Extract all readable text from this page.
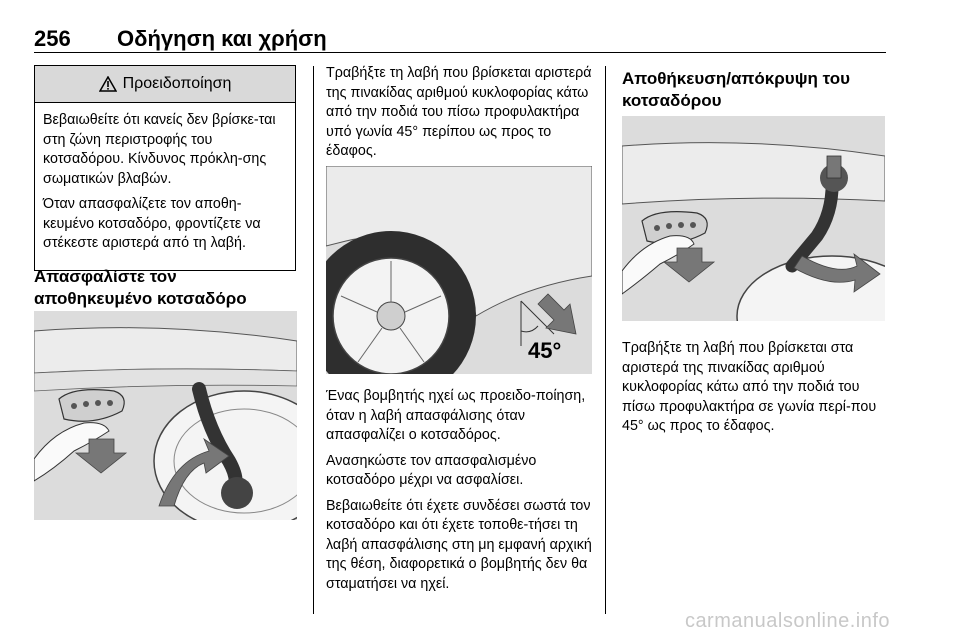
256 Οδήγηση και χρήση
Προειδοποίηση

Βεβαιωθείτε ότι κανείς δεν βρίσκε-ται στη ζώνη περιστροφής του κοτσαδόρου. Κίνδυνος πρόκλη-σης σωματικών βλαβών.

Όταν απασφαλίζετε τον αποθη-κευμένο κοτσαδόρο, φροντίζετε να στέκεστε αριστερά από τη λαβή.

Απασφαλίστε τον αποθηκευμένο κοτσαδόρο

Τραβήξτε τη λαβή που βρίσκεται αριστερά της πινακίδας αριθμού κυκλοφορίας κάτω από την ποδιά του πίσω προφυλακτήρα υπό γωνία 45° περίπου ως προς το έδαφος.

45°

Ένας βομβητής ηχεί ως προειδο-ποίηση, όταν η λαβή απασφάλισης όταν απασφαλίζει ο κοτσαδόρος.

Ανασηκώστε τον απασφαλισμένο κοτσαδόρο μέχρι να ασφαλίσει.

Βεβαιωθείτε ότι έχετε συνδέσει σωστά τον κοτσαδόρο και ότι έχετε τοποθε-τήσει τη λαβή απασφάλισης στη μη εμφανή αρχική της θέση, διαφορετικά ο βομβητής δεν θα σταματήσει να ηχεί.

Αποθήκευση/απόκρυψη του κοτσαδόρου

Τραβήξτε τη λαβή που βρίσκεται στα αριστερά της πινακίδας αριθμού κυκλοφορίας κάτω από την ποδιά του πίσω προφυλακτήρα σε γωνία περί-που 45° ως προς το έδαφος.

carmanualsonline.info
